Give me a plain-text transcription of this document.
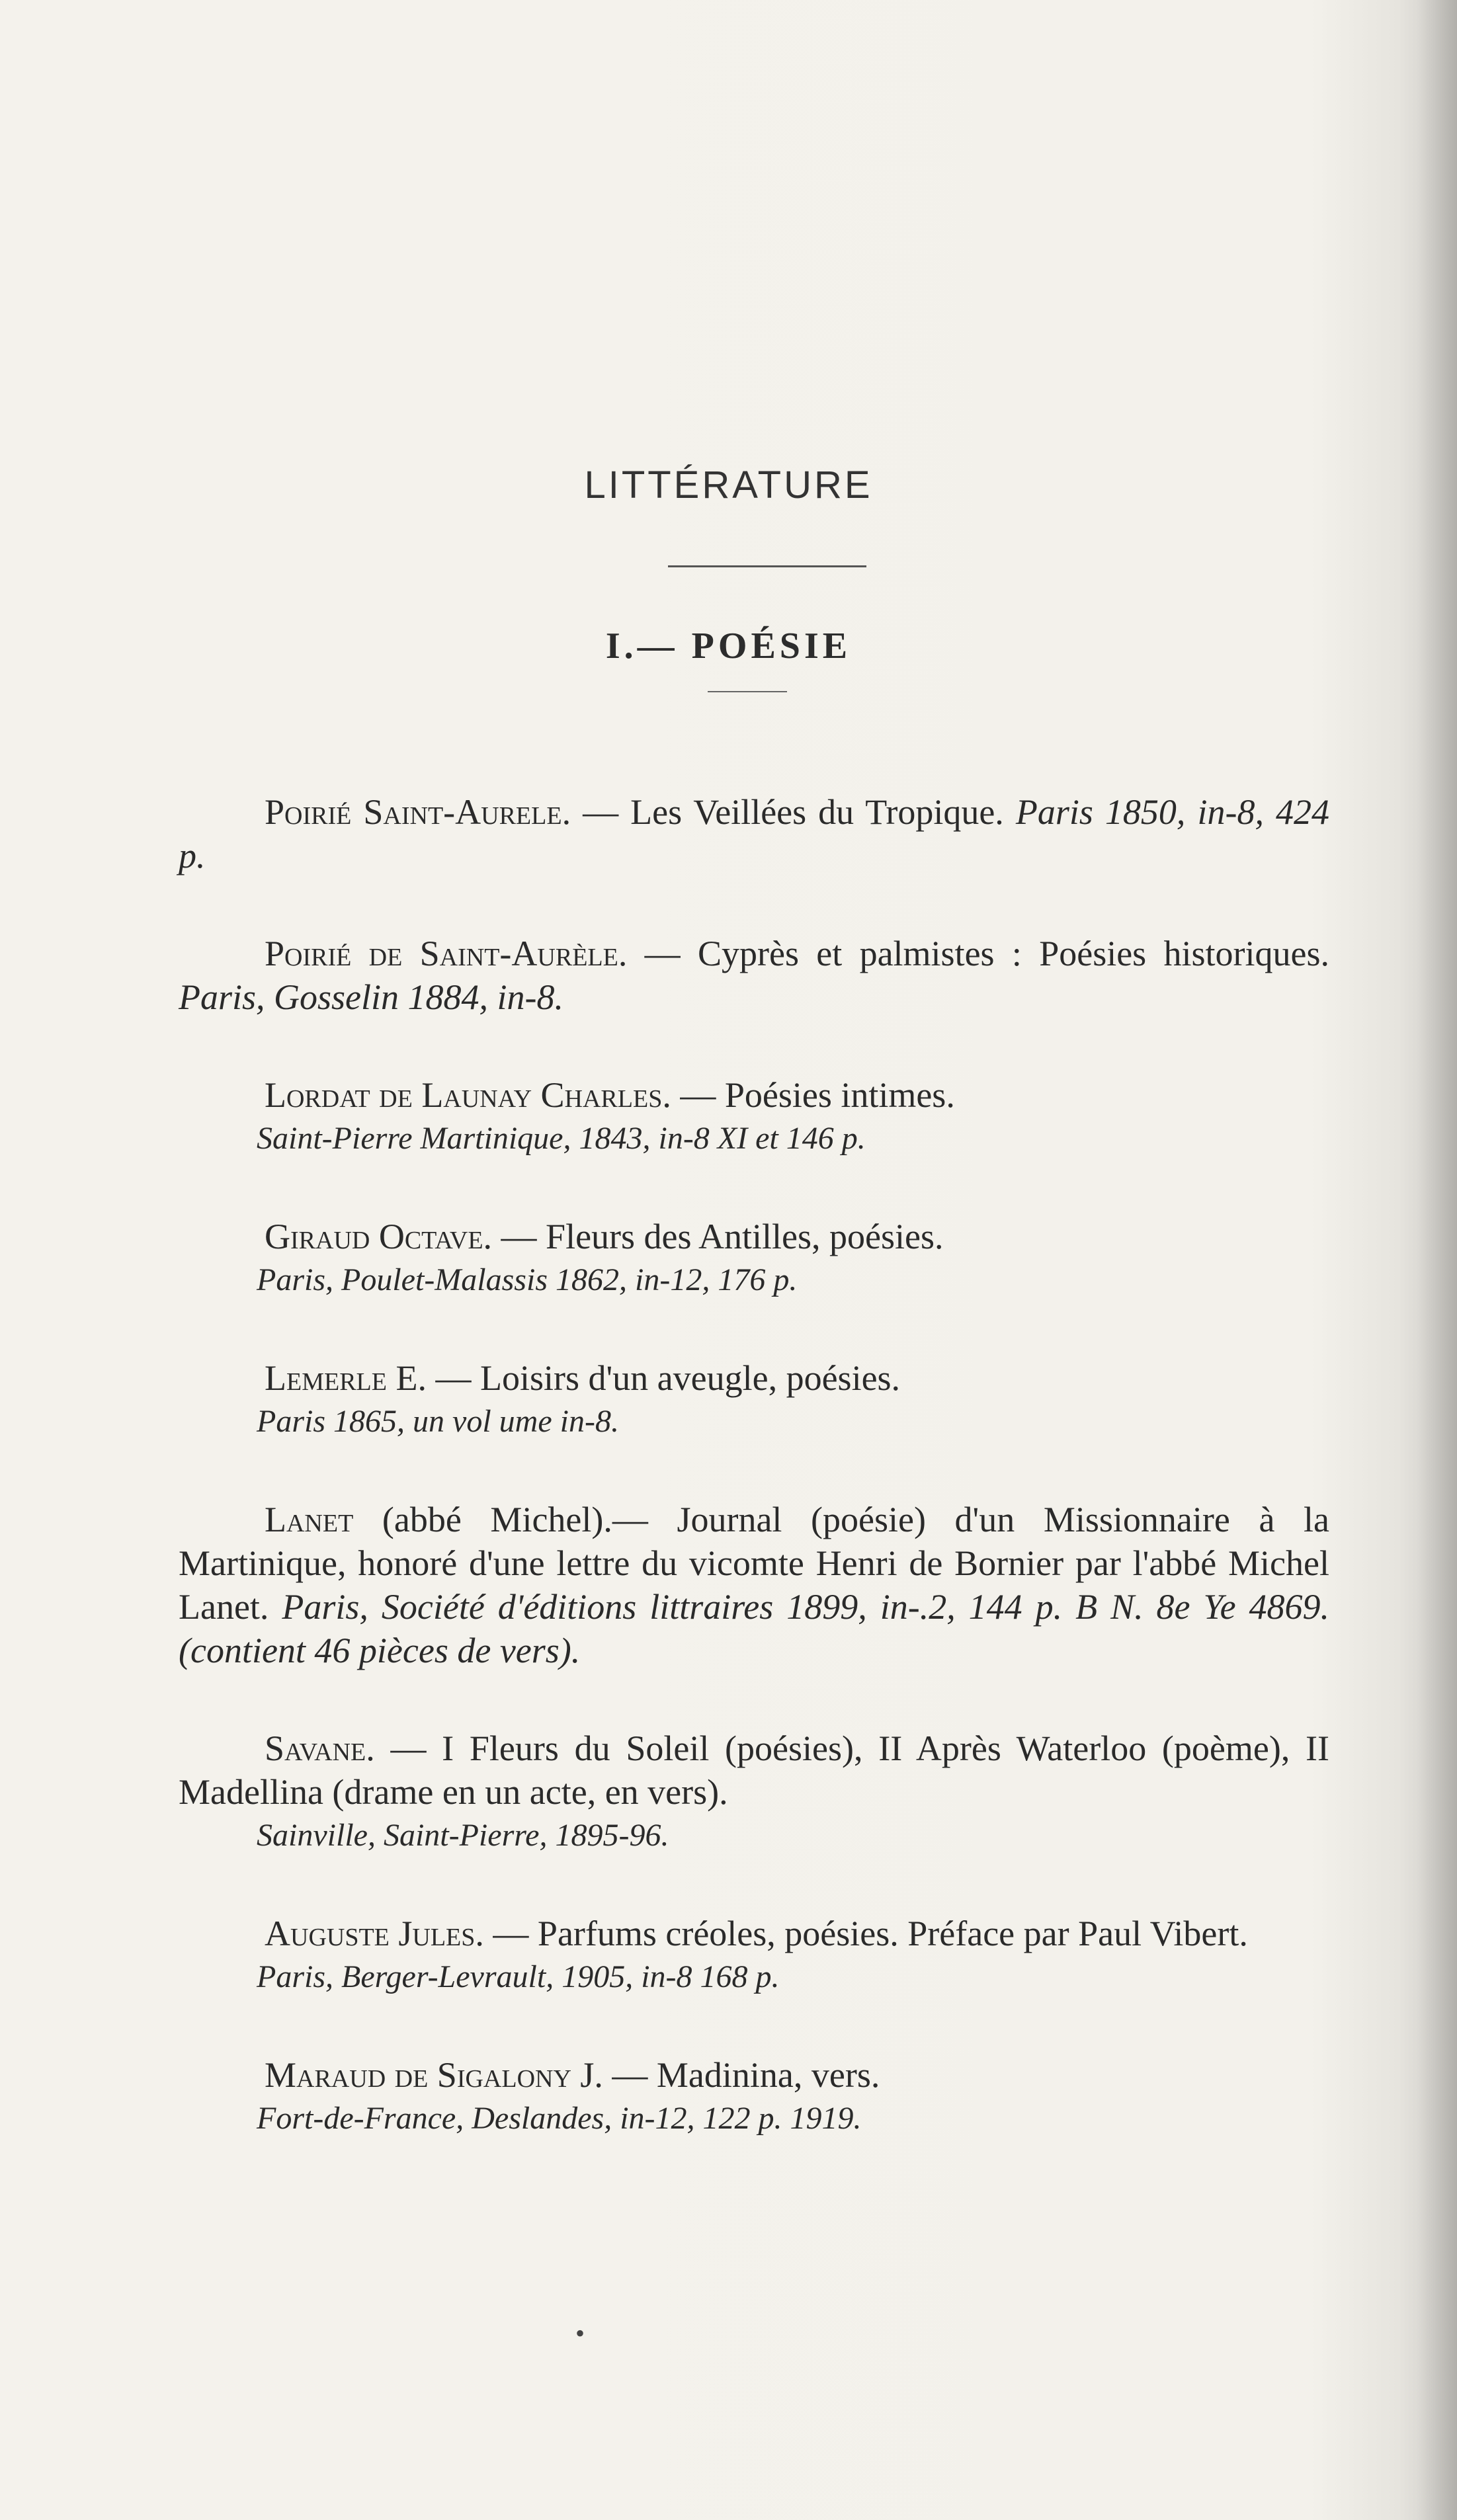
LITTÉRATURE
I.— POÉSIE
Poirié Saint-Aurele. — Les Veillées du Tropique. Paris 1850, in-8, 424 p.
Poirié de Saint-Aurèle. — Cyprès et palmistes : Poésies historiques. Paris, Gosselin 1884, in-8.
Lordat de Launay Charles. — Poésies intimes.
Saint-Pierre Martinique, 1843, in-8 XI et 146 p.
Giraud Octave. — Fleurs des Antilles, poésies.
Paris, Poulet-Malassis 1862, in-12, 176 p.
Lemerle E. — Loisirs d'un aveugle, poésies.
Paris 1865, un vol ume in-8.
Lanet (abbé Michel).— Journal (poésie) d'un Missionnaire à la Martinique, honoré d'une lettre du vicomte Henri de Bornier par l'abbé Michel Lanet. Paris, Société d'éditions littraires 1899, in-.2, 144 p. B N. 8e Ye 4869. (contient 46 pièces de vers).
Savane. — I Fleurs du Soleil (poésies), II Après Waterloo (poème), II Madellina (drame en un acte, en vers).
Sainville, Saint-Pierre, 1895-96.
Auguste Jules. — Parfums créoles, poésies. Préface par Paul Vibert.
Paris, Berger-Levrault, 1905, in-8 168 p.
Maraud de Sigalony J. — Madinina, vers.
Fort-de-France, Deslandes, in-12, 122 p. 1919.
•
